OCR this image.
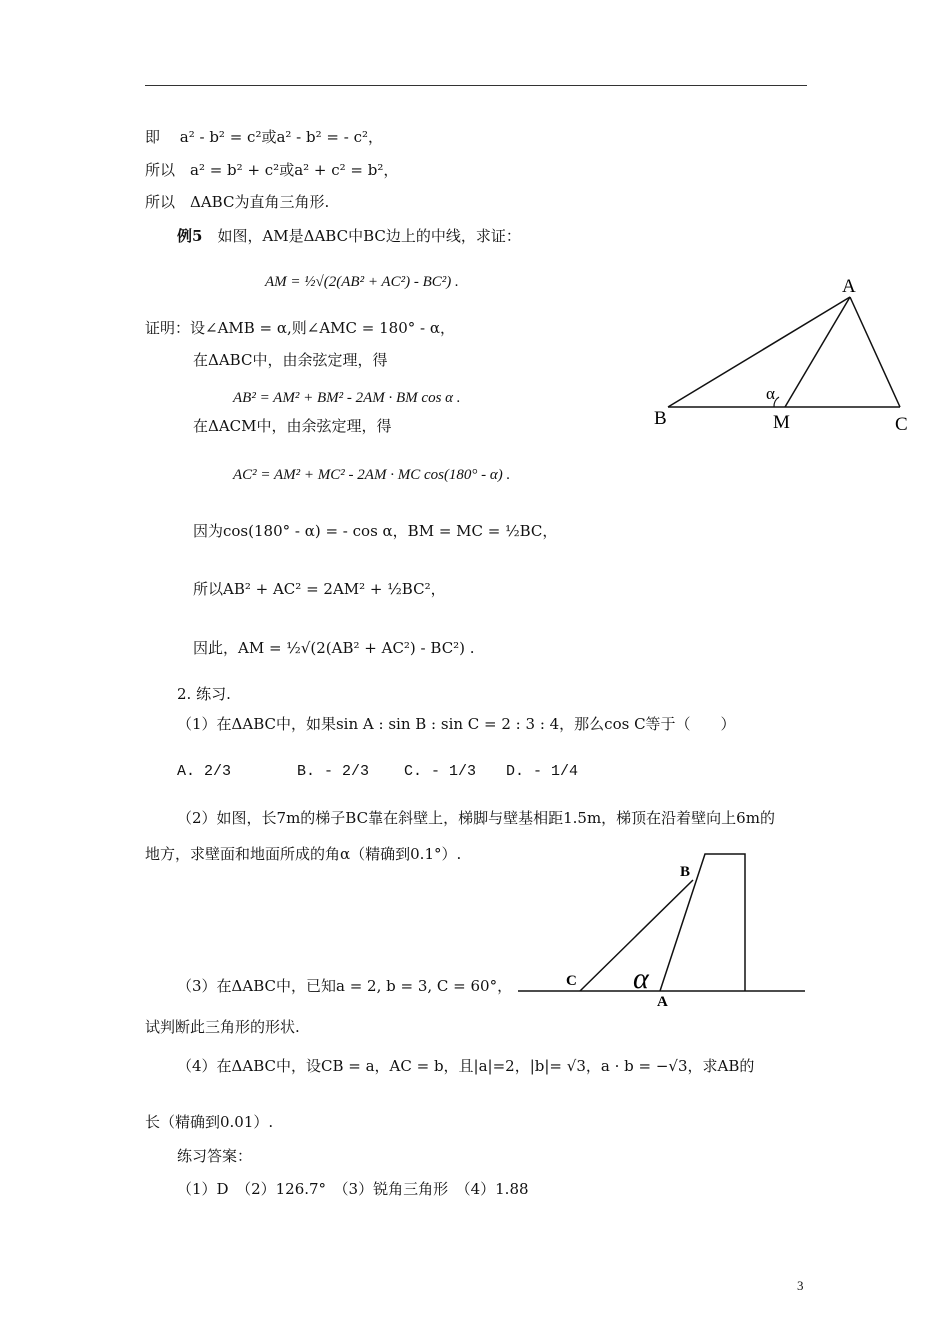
即　 a² - b² = c²或a² - b² = - c²，
所以　a² = b² + c²或a² + c² = b²，
所以　ΔABC为直角三角形.
例5　 如图，AM是ΔABC中BC边上的中线，求证：
AM = ½√(2(AB² + AC²) - BC²) .
证明：设∠AMB = α,则∠AMC = 180° - α，
在ΔABC中，由余弦定理，得
AB² = AM² + BM² - 2AM · BM cos α .
在ΔACM中，由余弦定理，得
AC² = AM² + MC² - 2AM · MC cos(180° - α) .
因为cos(180° - α) = - cos α，BM = MC = ½BC，
所以AB² + AC² = 2AM² + ½BC²，
因此，AM = ½√(2(AB² + AC²) - BC²) .
A
B	M	C
α
2. 练习.
（1）在ΔABC中，如果sin A : sin B : sin C = 2 : 3 : 4，那么cos C等于（　　）
A. 2/3	B. - 2/3 C. - 1/3 D. - 1/4
（2）如图，长7m的梯子BC靠在斜壁上，梯脚与壁基相距1.5m，梯顶在沿着壁向上6m的
地方，求壁面和地面所成的角α（精确到0.1°）.
B
C
A
α
（3）在ΔABC中，已知a = 2, b = 3, C = 60°，
试判断此三角形的形状.
（4）在ΔABC中，设CB = a，AC = b，且|a|=2，|b|= √3，a · b = −√3，求AB的
长（精确到0.01）.
练习答案：
（1）D　（2）126.7°　（3）锐角三角形　（4）1.88
3
